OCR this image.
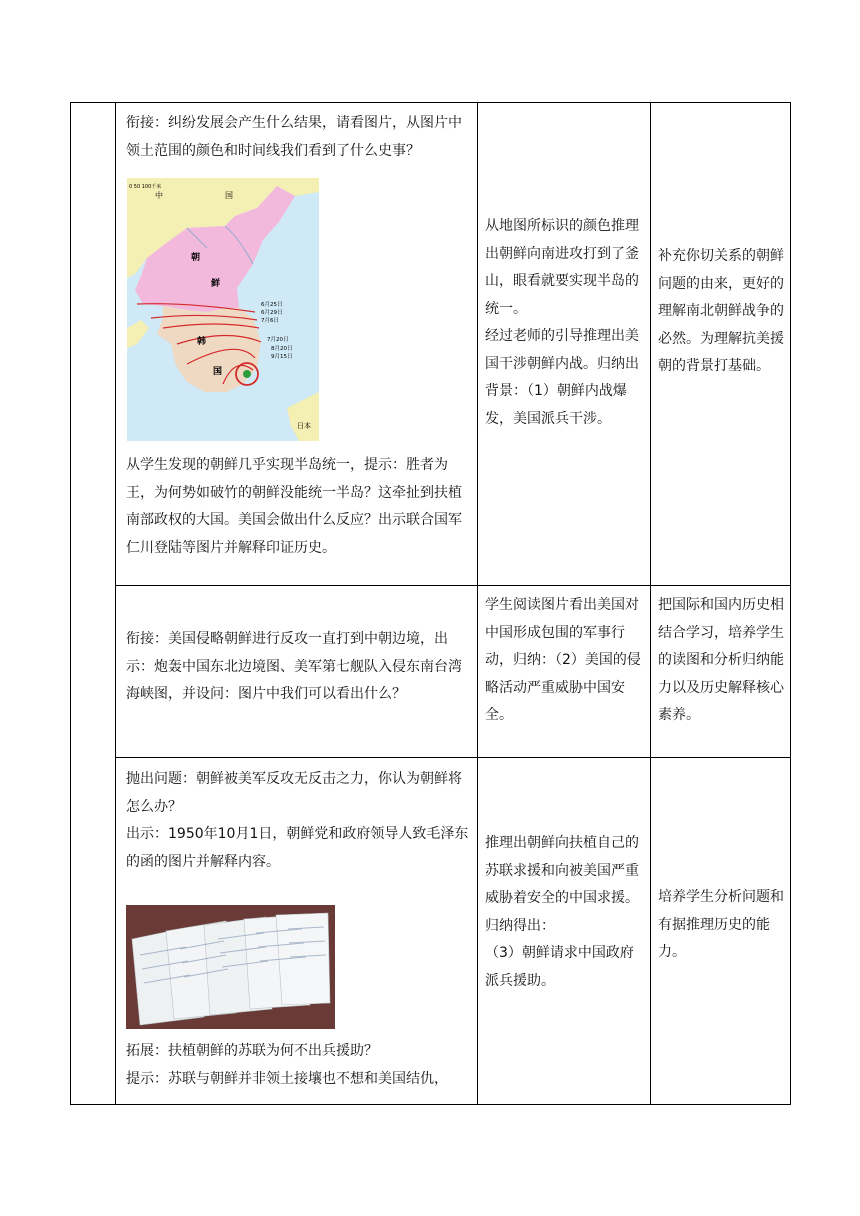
衔接：纠纷发展会产生什么结果，请看图片，从图片中领土范围的颜色和时间线我们看到了什么史事？

中	国
朝
鲜
韩
国
日本
0 50 100千米
6月25日
6月29日
7月6日
7月20日
8月20日
9月15日

从学生发现的朝鲜几乎实现半岛统一，提示：胜者为王，为何势如破竹的朝鲜没能统一半岛？这牵扯到扶植南部政权的大国。美国会做出什么反应？出示联合国军仁川登陆等图片并解释印证历史。

从地图所标识的颜色推理出朝鲜向南进攻打到了釜山，眼看就要实现半岛的统一。

经过老师的引导推理出美国干涉朝鲜内战。归纳出背景：（1）朝鲜内战爆发，美国派兵干涉。

补充你切关系的朝鲜问题的由来，更好的理解南北朝鲜战争的必然。为理解抗美援朝的背景打基础。

衔接：美国侵略朝鲜进行反攻一直打到中朝边境，出示：炮轰中国东北边境图、美军第七舰队入侵东南台湾海峡图，并设问：图片中我们可以看出什么？

学生阅读图片看出美国对中国形成包围的军事行动，归纳：（2）美国的侵略活动严重威胁中国安全。

把国际和国内历史相结合学习，培养学生的读图和分析归纳能力以及历史解释核心素养。

抛出问题：朝鲜被美军反攻无反击之力，你认为朝鲜将怎么办？

出示：1950年10月1日，朝鲜党和政府领导人致毛泽东的函的图片并解释内容。

拓展：扶植朝鲜的苏联为何不出兵援助？

提示：苏联与朝鲜并非领土接壤也不想和美国结仇，

推理出朝鲜向扶植自己的苏联求援和向被美国严重威胁着安全的中国求援。归纳得出：

（3）朝鲜请求中国政府派兵援助。

培养学生分析问题和有据推理历史的能力。
